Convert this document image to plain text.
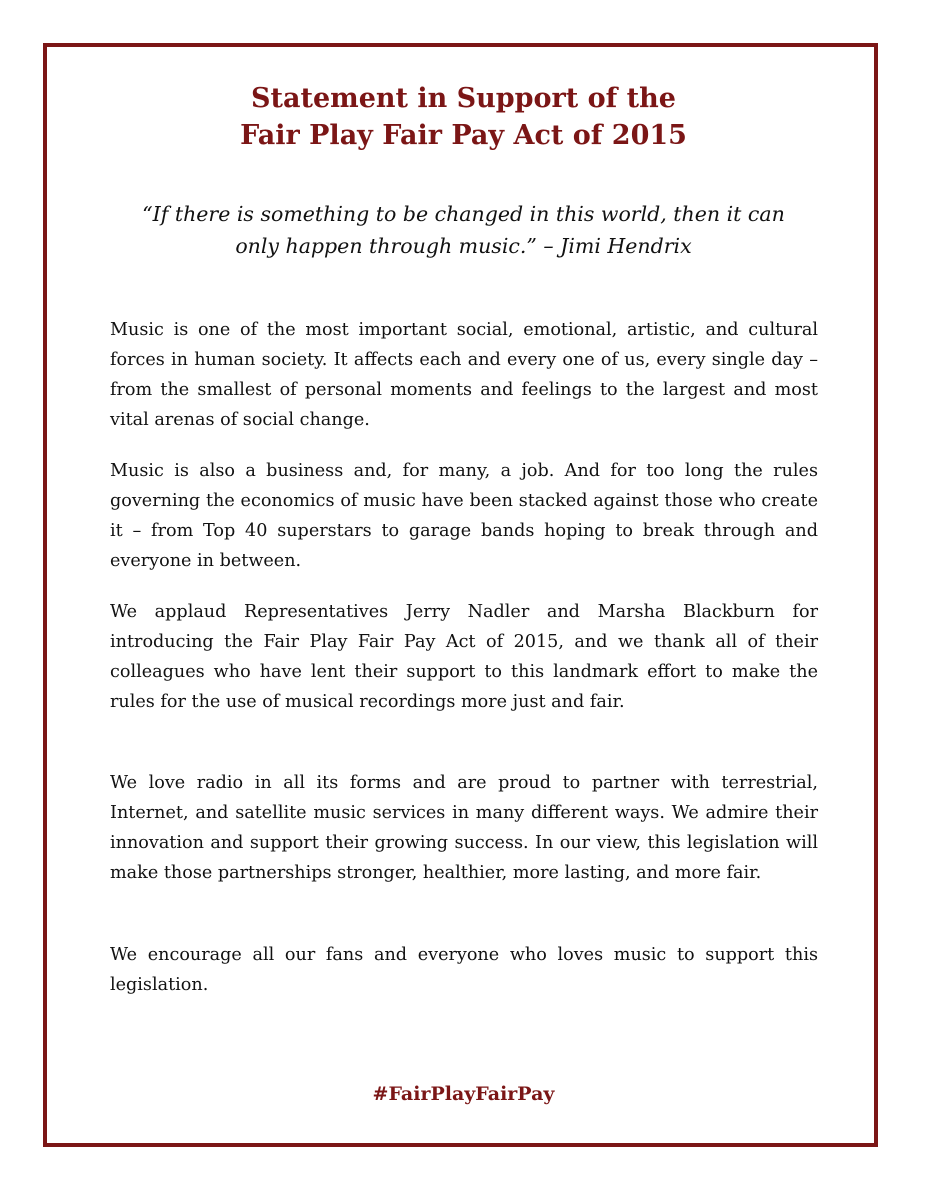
Statement in Support of the
Fair Play Fair Pay Act of 2015

“If there is something to be changed in this world, then it can

only happen through music.” – Jimi Hendrix

Music is one of the most important social, emotional, artistic, and cultural forces in human society. It affects each and every one of us, every single day – from the smallest of personal moments and feelings to the largest and most vital arenas of social change.

Music is also a business and, for many, a job. And for too long the rules governing the economics of music have been stacked against those who create it – from Top 40 superstars to garage bands hoping to break through and everyone in between.

We applaud Representatives Jerry Nadler and Marsha Blackburn for introducing the Fair Play Fair Pay Act of 2015, and we thank all of their colleagues who have lent their support to this landmark effort to make the rules for the use of musical recordings more just and fair.

We love radio in all its forms and are proud to partner with terrestrial, Internet, and satellite music services in many different ways. We admire their innovation and support their growing success. In our view, this legislation will make those partnerships stronger, healthier, more lasting, and more fair.

We encourage all our fans and everyone who loves music to support this legislation.

#FairPlayFairPay
